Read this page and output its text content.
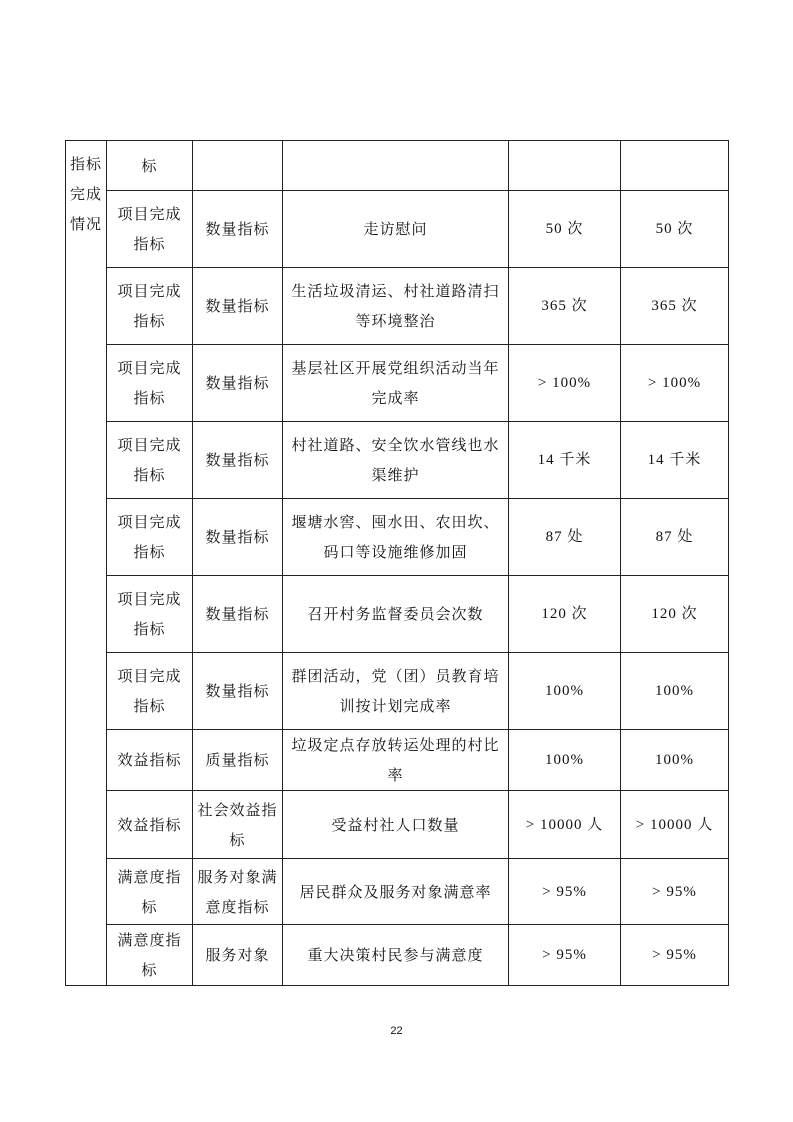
指标完成情况	标				
	项目完成指标	数量指标	走访慰问	50 次	50 次
	项目完成指标	数量指标	生活垃圾清运、村社道路清扫等环境整治	365 次	365 次
	项目完成指标	数量指标	基层社区开展党组织活动当年完成率	> 100%	> 100%
	项目完成指标	数量指标	村社道路、安全饮水管线也水渠维护	14 千米	14 千米
	项目完成指标	数量指标	堰塘水窖、囤水田、农田坎、码口等设施维修加固	87 处	87 处
	项目完成指标	数量指标	召开村务监督委员会次数	120 次	120 次
	项目完成指标	数量指标	群团活动，党（团）员教育培训按计划完成率	100%	100%
	效益指标	质量指标	垃圾定点存放转运处理的村比率	100%	100%
	效益指标	社会效益指标	受益村社人口数量	> 10000 人	> 10000 人
	满意度指标	服务对象满意度指标	居民群众及服务对象满意率	> 95%	> 95%
	满意度指标	服务对象	重大决策村民参与满意度	> 95%	> 95%
22
